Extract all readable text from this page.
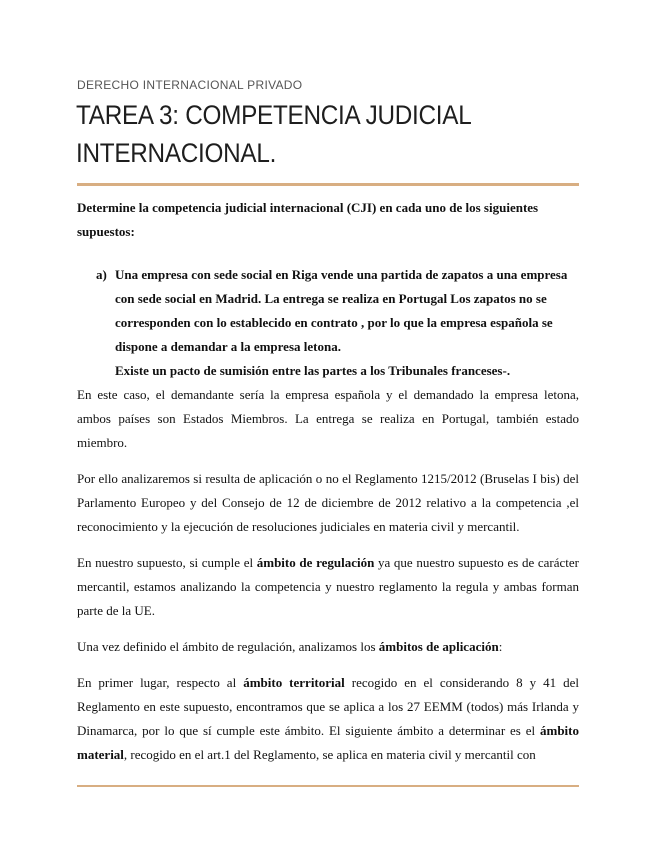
DERECHO INTERNACIONAL PRIVADO
TAREA 3: COMPETENCIA JUDICIAL
INTERNACIONAL.

Determine la competencia judicial internacional (CJI) en cada uno de los siguientes
supuestos:

a) Una empresa con sede social en Riga vende una partida de zapatos a una empresa
con sede social en Madrid. La entrega se realiza en Portugal Los zapatos no se
corresponden con lo establecido en contrato , por lo que la empresa española se
dispone a demandar a la empresa letona.
Existe un pacto de sumisión entre las partes a los Tribunales franceses-.

En este caso, el demandante sería la empresa española y el demandado la empresa letona, ambos países son Estados Miembros. La entrega se realiza en Portugal, también estado miembro.

Por ello analizaremos si resulta de aplicación o no el Reglamento 1215/2012 (Bruselas I bis) del Parlamento Europeo y del Consejo de 12 de diciembre de 2012 relativo a la competencia ,el reconocimiento y la ejecución de resoluciones judiciales en materia civil y mercantil.

En nuestro supuesto, si cumple el ámbito de regulación ya que nuestro supuesto es de carácter mercantil, estamos analizando la competencia y nuestro reglamento la regula y ambas forman parte de la UE.

Una vez definido el ámbito de regulación, analizamos los ámbitos de aplicación:

En primer lugar, respecto al ámbito territorial recogido en el considerando 8 y 41 del Reglamento en este supuesto, encontramos que se aplica a los 27 EEMM (todos) más Irlanda y Dinamarca, por lo que sí cumple este ámbito. El siguiente ámbito a determinar es el ámbito material, recogido en el art.1 del Reglamento, se aplica en materia civil y mercantil con
